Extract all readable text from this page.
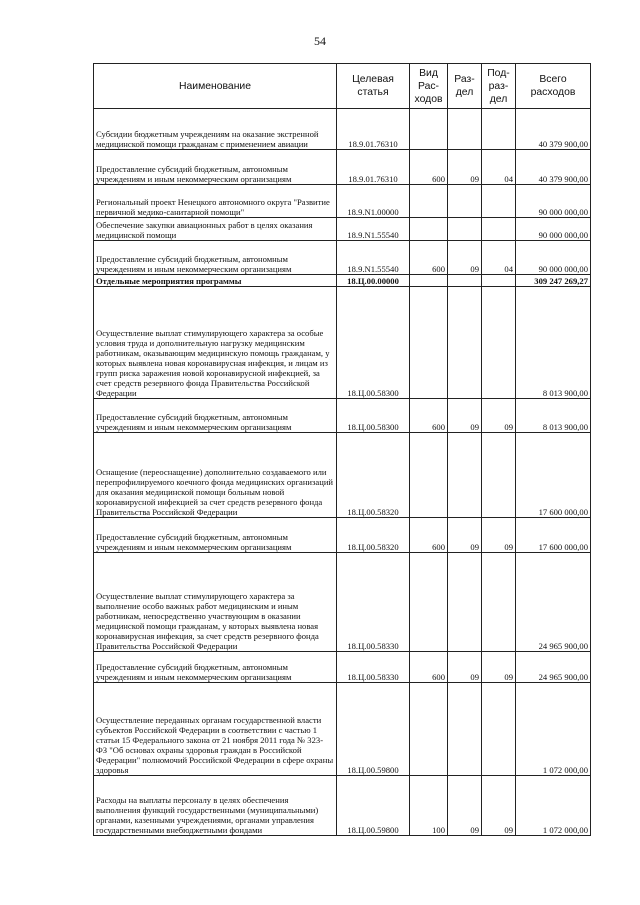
54
Наименование	Целевая статья	Вид Рас- ходов	Раз- дел	Под- раз- дел	Всего расходов
Субсидии бюджетным учреждениям на оказание экстренной медицинской помощи гражданам с применением авиации	18.9.01.76310				40 379 900,00
Предоставление субсидий бюджетным, автономным учреждениям и иным некоммерческим организациям	18.9.01.76310	600	09	04	40 379 900,00
Региональный проект Ненецкого автономного округа "Развитие первичной медико-санитарной помощи"	18.9.N1.00000				90 000 000,00
Обеспечение закупки авиационных работ в целях оказания медицинской помощи	18.9.N1.55540				90 000 000,00
Предоставление субсидий бюджетным, автономным учреждениям и иным некоммерческим организациям	18.9.N1.55540	600	09	04	90 000 000,00
Отдельные мероприятия программы	18.Ц.00.00000				309 247 269,27
Осуществление выплат стимулирующего характера за особые условия труда и дополнительную нагрузку медицинским работникам, оказывающим медицинскую помощь гражданам, у которых выявлена новая коронавирусная инфекция, и лицам из групп риска заражения новой коронавирусной инфекцией, за счет средств резервного фонда Правительства Российской Федерации	18.Ц.00.58300				8 013 900,00
Предоставление субсидий бюджетным, автономным учреждениям и иным некоммерческим организациям	18.Ц.00.58300	600	09	09	8 013 900,00
Оснащение (переоснащение) дополнительно создаваемого или перепрофилируемого коечного фонда медицинских организаций для оказания медицинской помощи больным новой коронавирусной инфекцией за счет средств резервного фонда Правительства Российской Федерации	18.Ц.00.58320				17 600 000,00
Предоставление субсидий бюджетным, автономным учреждениям и иным некоммерческим организациям	18.Ц.00.58320	600	09	09	17 600 000,00
Осуществление выплат стимулирующего характера за выполнение особо важных работ медицинским и иным работникам, непосредственно участвующим в оказании медицинской помощи гражданам, у которых выявлена новая коронавирусная инфекция, за счет средств резервного фонда Правительства Российской Федерации	18.Ц.00.58330				24 965 900,00
Предоставление субсидий бюджетным, автономным учреждениям и иным некоммерческим организациям	18.Ц.00.58330	600	09	09	24 965 900,00
Осуществление переданных органам государственной власти субъектов Российской Федерации в соответствии с частью 1 статьи 15 Федерального закона от 21 ноября 2011 года № 323-ФЗ "Об основах охраны здоровья граждан в Российской Федерации" полномочий Российской Федерации в сфере охраны здоровья	18.Ц.00.59800				1 072 000,00
Расходы на выплаты персоналу в целях обеспечения выполнения функций государственными (муниципальными) органами, казенными учреждениями, органами управления государственными внебюджетными фондами	18.Ц.00.59800	100	09	09	1 072 000,00
